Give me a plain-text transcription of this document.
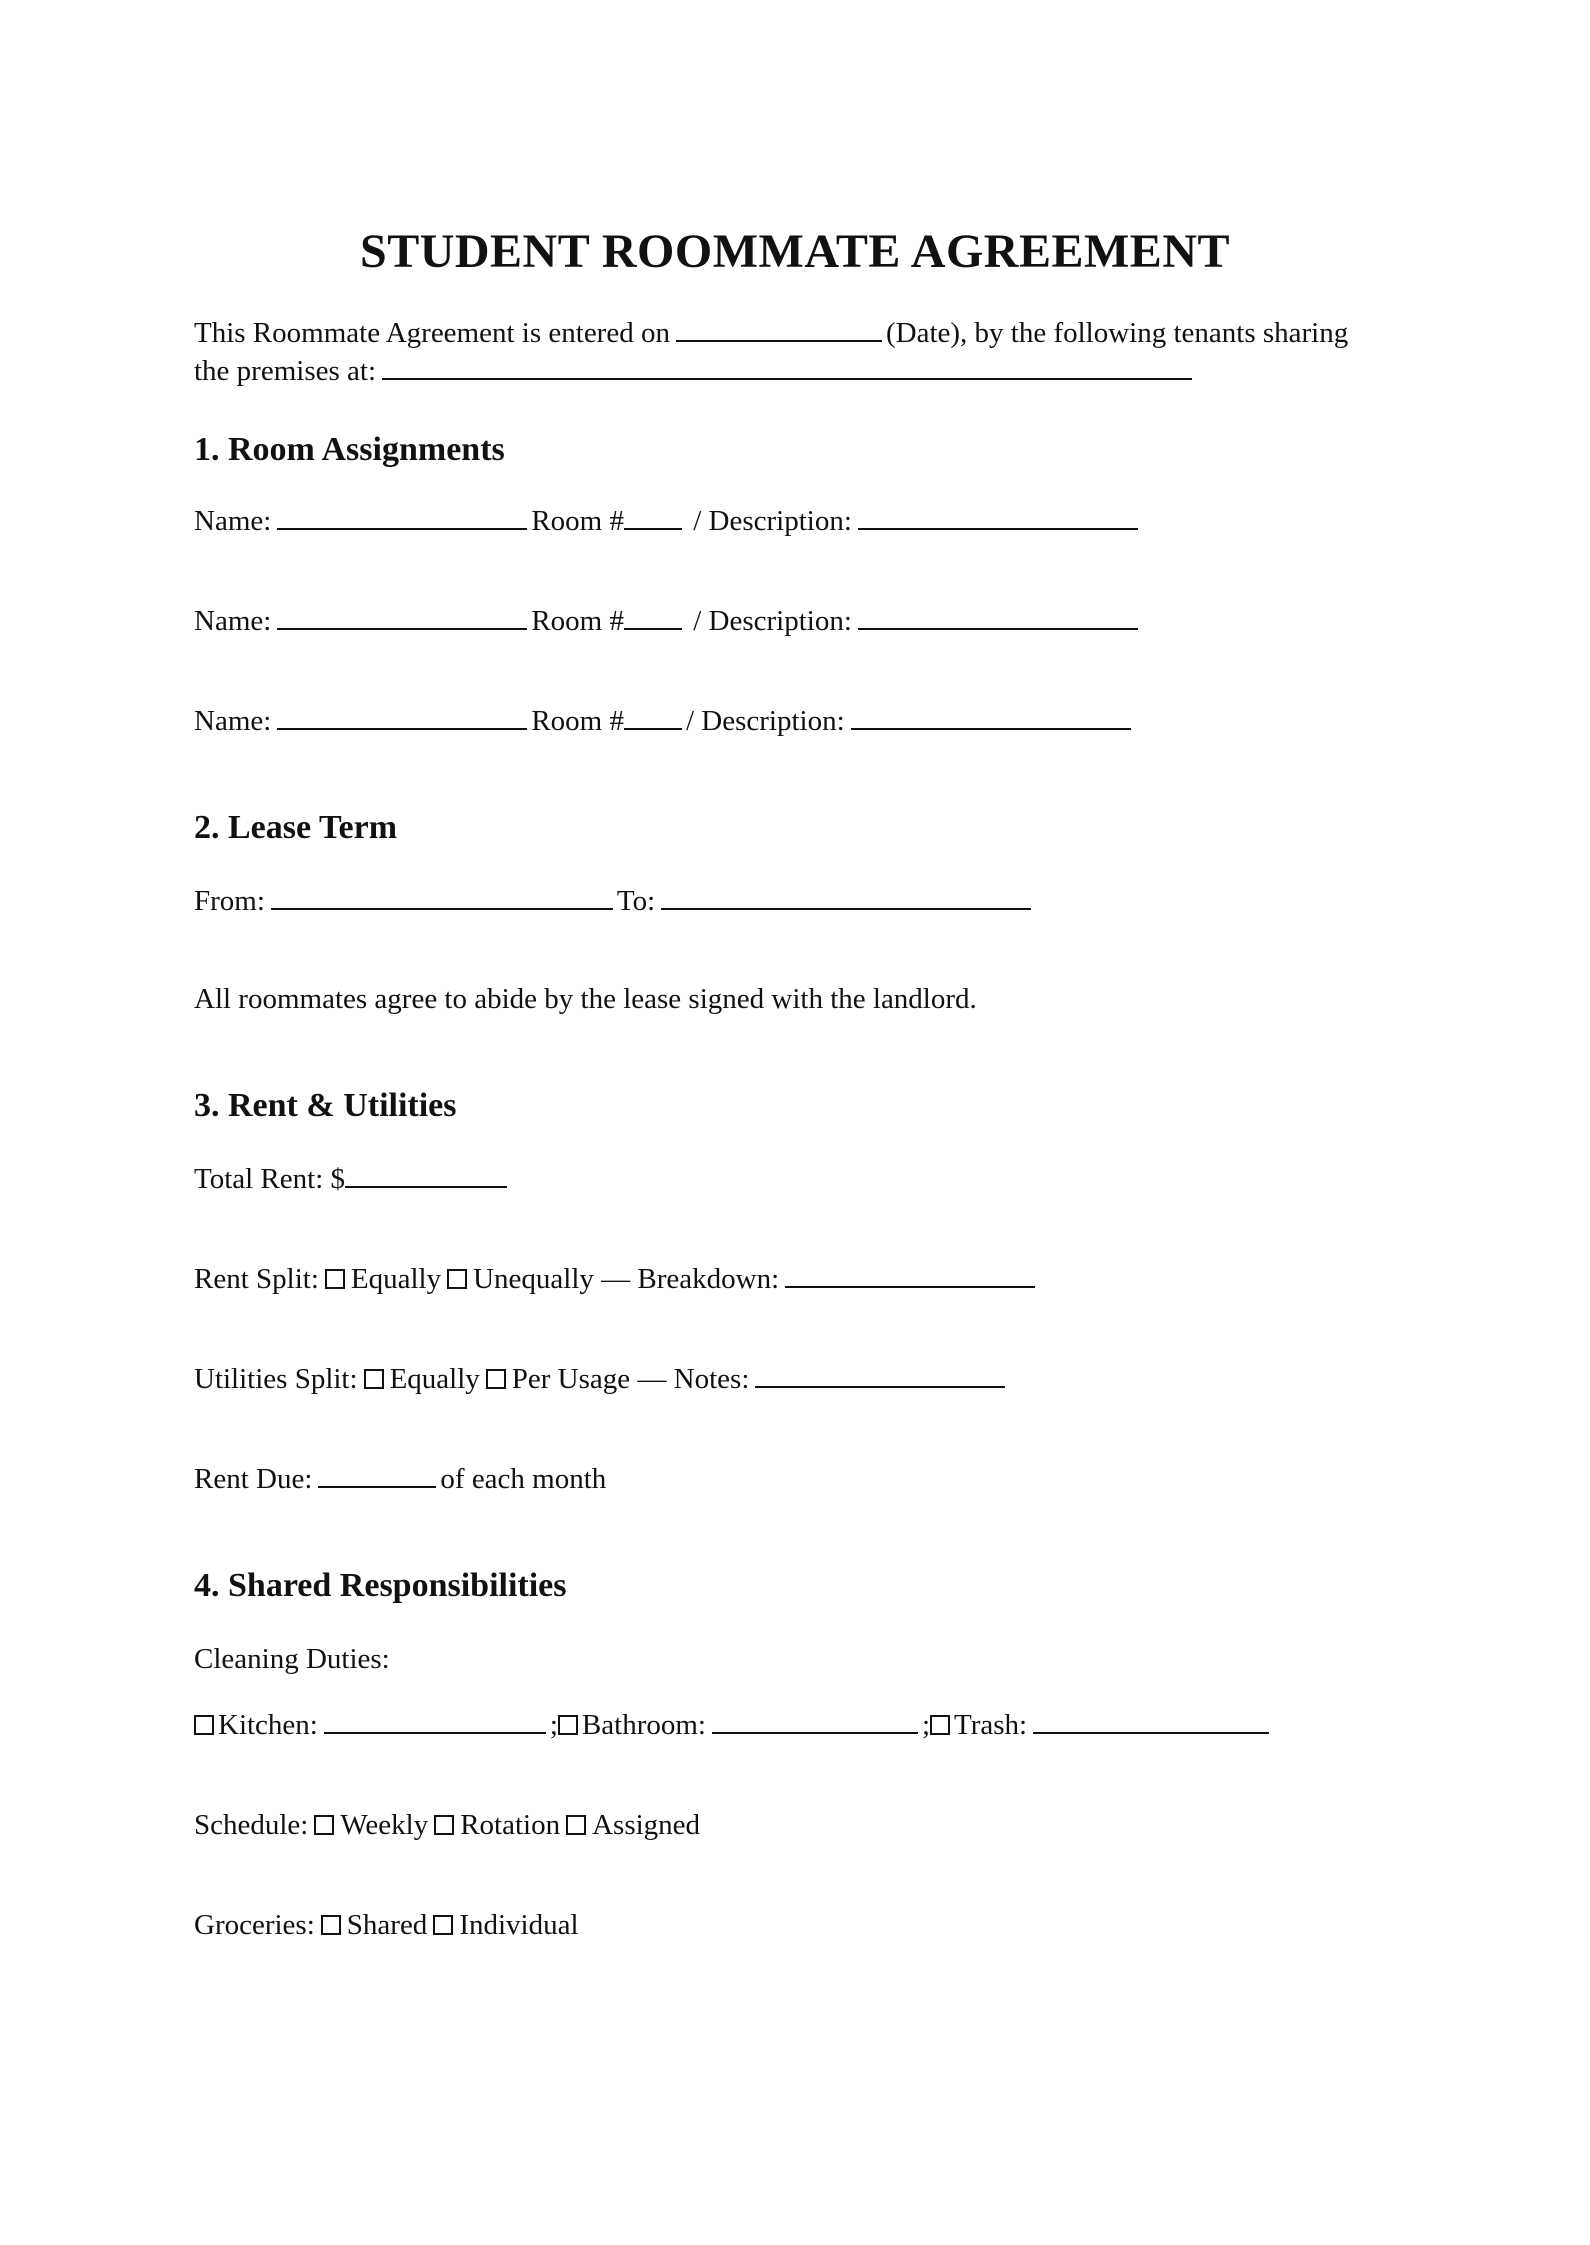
STUDENT ROOMMATE AGREEMENT
This Roommate Agreement is entered on	(Date), by the following tenants sharing
the premises at:
1. Room Assignments
Name:	Room # / Description:
Name:	Room # / Description:
Name:	Room # / Description:
2. Lease Term
From:	To:
All roommates agree to abide by the lease signed with the landlord.
3. Rent & Utilities
Total Rent: $
Rent Split: Equally Unequally — Breakdown:
Utilities Split: Equally Per Usage — Notes:
Rent Due:	of each month
4. Shared Responsibilities
Cleaning Duties:
Kitchen:	; Bathroom:	; Trash:
Schedule: Weekly Rotation Assigned
Groceries: Shared Individual
